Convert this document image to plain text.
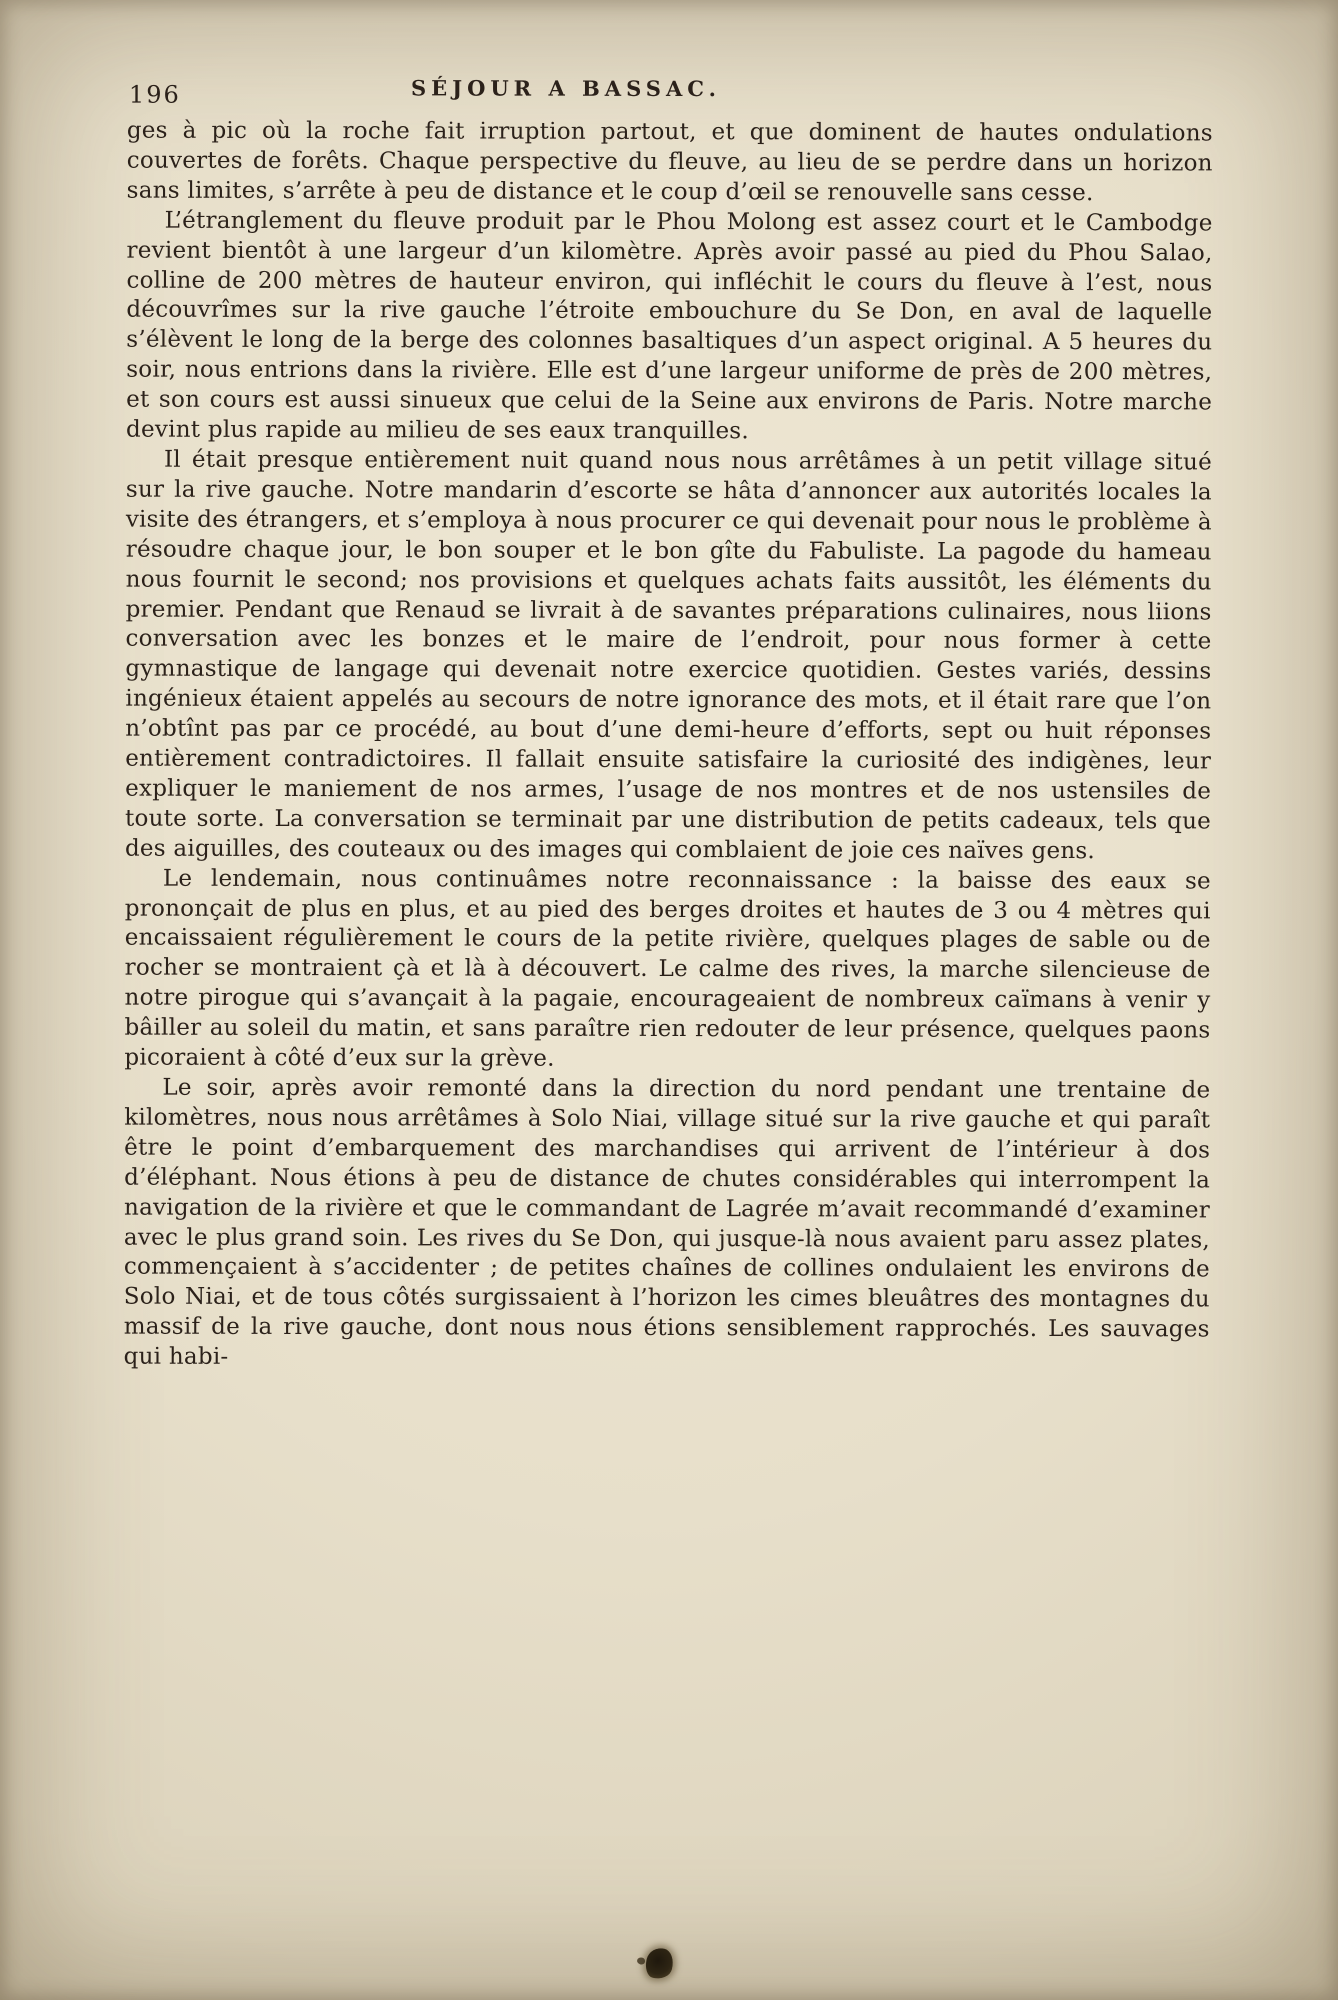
196	SÉJOUR A BASSAC.

ges à pic où la roche fait irruption partout, et que dominent de hautes ondulations couvertes de forêts. Chaque perspective du fleuve, au lieu de se perdre dans un horizon sans limites, s’arrête à peu de distance et le coup d’œil se renouvelle sans cesse.

L’étranglement du fleuve produit par le Phou Molong est assez court et le Cambodge revient bientôt à une largeur d’un kilomètre. Après avoir passé au pied du Phou Salao, colline de 200 mètres de hauteur environ, qui infléchit le cours du fleuve à l’est, nous découvrîmes sur la rive gauche l’étroite embouchure du Se Don, en aval de laquelle s’élèvent le long de la berge des colonnes basaltiques d’un aspect original. A 5 heures du soir, nous entrions dans la rivière. Elle est d’une largeur uniforme de près de 200 mètres, et son cours est aussi sinueux que celui de la Seine aux environs de Paris. Notre marche devint plus rapide au milieu de ses eaux tranquilles.

Il était presque entièrement nuit quand nous nous arrêtâmes à un petit village situé sur la rive gauche. Notre mandarin d’escorte se hâta d’annoncer aux autorités locales la visite des étrangers, et s’employa à nous procurer ce qui devenait pour nous le problème à résoudre chaque jour, le bon souper et le bon gîte du Fabuliste. La pagode du hameau nous fournit le second; nos provisions et quelques achats faits aussitôt, les éléments du premier. Pendant que Renaud se livrait à de savantes préparations culinaires, nous liions conversation avec les bonzes et le maire de l’endroit, pour nous former à cette gymnastique de langage qui devenait notre exercice quotidien. Gestes variés, dessins ingénieux étaient appelés au secours de notre ignorance des mots, et il était rare que l’on n’obtînt pas par ce procédé, au bout d’une demi-heure d’efforts, sept ou huit réponses entièrement contradictoires. Il fallait ensuite satisfaire la curiosité des indigènes, leur expliquer le maniement de nos armes, l’usage de nos montres et de nos ustensiles de toute sorte. La conversation se terminait par une distribution de petits cadeaux, tels que des aiguilles, des couteaux ou des images qui comblaient de joie ces naïves gens.

Le lendemain, nous continuâmes notre reconnaissance : la baisse des eaux se prononçait de plus en plus, et au pied des berges droites et hautes de 3 ou 4 mètres qui encaissaient régulièrement le cours de la petite rivière, quelques plages de sable ou de rocher se montraient çà et là à découvert. Le calme des rives, la marche silencieuse de notre pirogue qui s’avançait à la pagaie, encourageaient de nombreux caïmans à venir y bâiller au soleil du matin, et sans paraître rien redouter de leur présence, quelques paons picoraient à côté d’eux sur la grève.

Le soir, après avoir remonté dans la direction du nord pendant une trentaine de kilomètres, nous nous arrêtâmes à Solo Niai, village situé sur la rive gauche et qui paraît être le point d’embarquement des marchandises qui arrivent de l’intérieur à dos d’éléphant. Nous étions à peu de distance de chutes considérables qui interrompent la navigation de la rivière et que le commandant de Lagrée m’avait recommandé d’examiner avec le plus grand soin. Les rives du Se Don, qui jusque-là nous avaient paru assez plates, commençaient à s’accidenter ; de petites chaînes de collines ondulaient les environs de Solo Niai, et de tous côtés surgissaient à l’horizon les cimes bleuâtres des montagnes du massif de la rive gauche, dont nous nous étions sensiblement rapprochés. Les sauvages qui habi-
